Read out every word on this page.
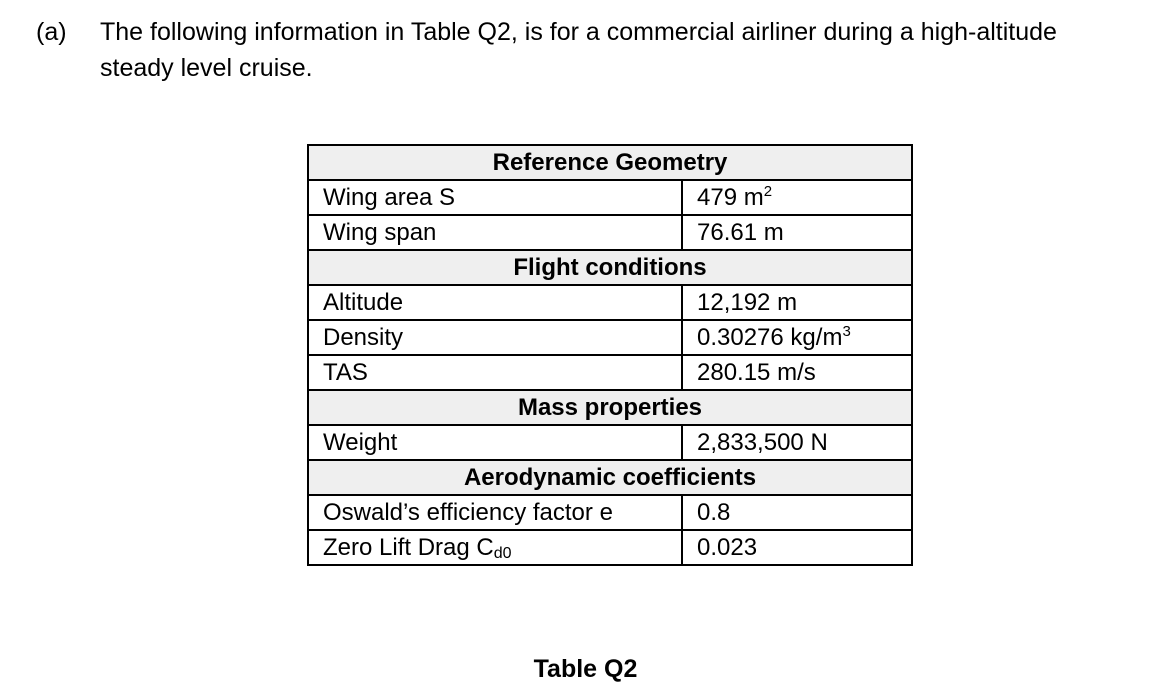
(a) The following information in Table Q2, is for a commercial airliner during a high-altitude steady level cruise.
Reference Geometry	
Wing area S	479 $m^2$
Wing span	76.61 m
Flight conditions	
Altitude	12,192 m
Density	0.30276 $kg/m^3$
TAS	280.15 m/s
Mass properties	
Weight	2,833,500 N
Aerodynamic coefficients	
Oswald’s efficiency factor e	0.8
Zero Lift Drag $C_{d0}$	0.023
Table Q2
